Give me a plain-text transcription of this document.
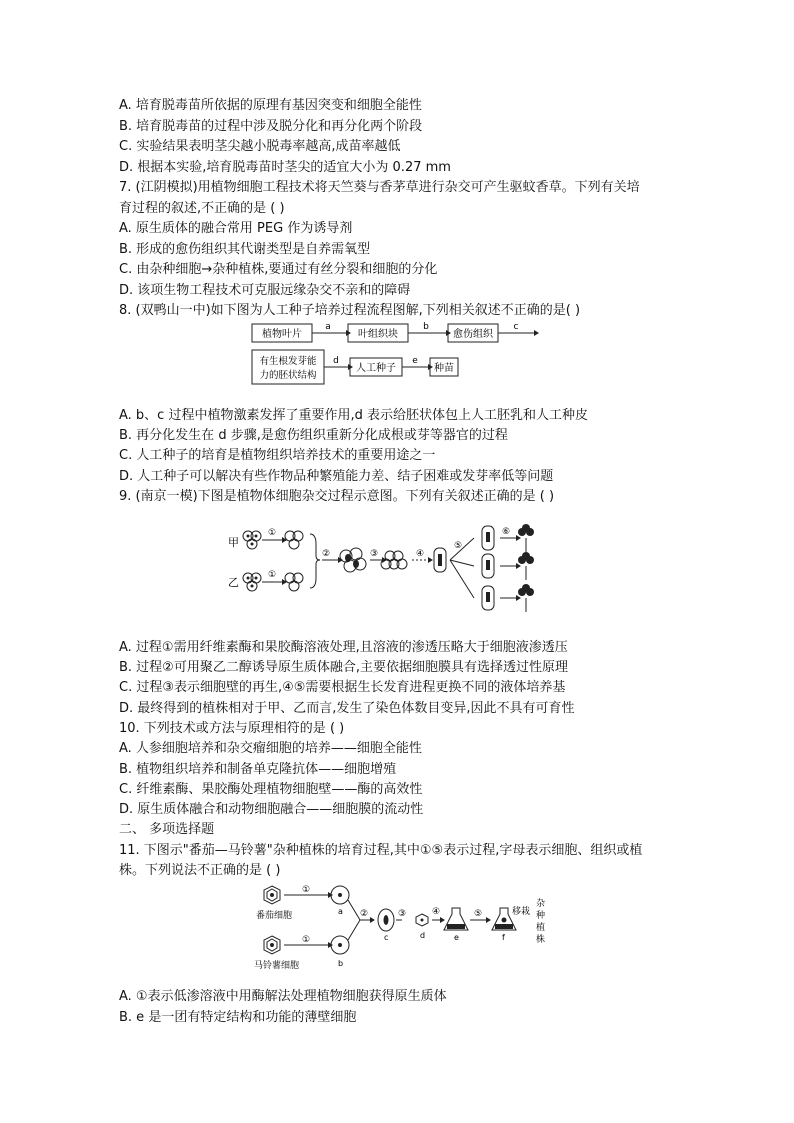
A. 培育脱毒苗所依据的原理有基因突变和细胞全能性
B. 培育脱毒苗的过程中涉及脱分化和再分化两个阶段
C. 实验结果表明茎尖越小脱毒率越高,成苗率越低
D. 根据本实验,培育脱毒苗时茎尖的适宜大小为 0.27 mm
7. (江阴模拟)用植物细胞工程技术将天竺葵与香茅草进行杂交可产生驱蚊香草。下列有关培
育过程的叙述,不正确的是 ( )
A. 原生质体的融合常用 PEG 作为诱导剂
B. 形成的愈伤组织其代谢类型是自养需氧型
C. 由杂种细胞→杂种植株,要通过有丝分裂和细胞的分化
D. 该项生物工程技术可克服远缘杂交不亲和的障碍
8. (双鸭山一中)如下图为人工种子培养过程流程图解,下列相关叙述不正确的是( )
植物叶片	叶组织块	愈伤组织
有生根发芽能
力的胚状结构
人工种子	种苗
a	b	c
d	e
A. b、c 过程中植物激素发挥了重要作用,d 表示给胚状体包上人工胚乳和人工种皮
B. 再分化发生在 d 步骤,是愈伤组织重新分化成根或芽等器官的过程
C. 人工种子的培育是植物组织培养技术的重要用途之一
D. 人工种子可以解决有些作物品种繁殖能力差、结子困难或发芽率低等问题
9. (南京一模)下图是植物体细胞杂交过程示意图。下列有关叙述正确的是 ( )
甲
①
乙
①
②	③	④
⑤
⑥
A. 过程①需用纤维素酶和果胶酶溶液处理,且溶液的渗透压略大于细胞液渗透压
B. 过程②可用聚乙二醇诱导原生质体融合,主要依据细胞膜具有选择透过性原理
C. 过程③表示细胞壁的再生,④⑤需要根据生长发育进程更换不同的液体培养基
D. 最终得到的植株相对于甲、乙而言,发生了染色体数目变异,因此不具有可育性
10. 下列技术或方法与原理相符的是 ( )
A. 人参细胞培养和杂交瘤细胞的培养——细胞全能性
B. 植物组织培养和制备单克隆抗体——细胞增殖
C. 纤维素酶、果胶酶处理植物细胞壁——酶的高效性
D. 原生质体融合和动物细胞融合——细胞膜的流动性
二、 多项选择题
11. 下图示"番茄—马铃薯"杂种植株的培育过程,其中①⑤表示过程,字母表示细胞、组织或植
株。下列说法不正确的是 ( )
番茄细胞
马铃薯细胞
①
①
a
b
②	③
c	d
④
e
⑤
f
移栽
杂
种
植
株
A. ①表示低渗溶液中用酶解法处理植物细胞获得原生质体
B. e 是一团有特定结构和功能的薄壁细胞
